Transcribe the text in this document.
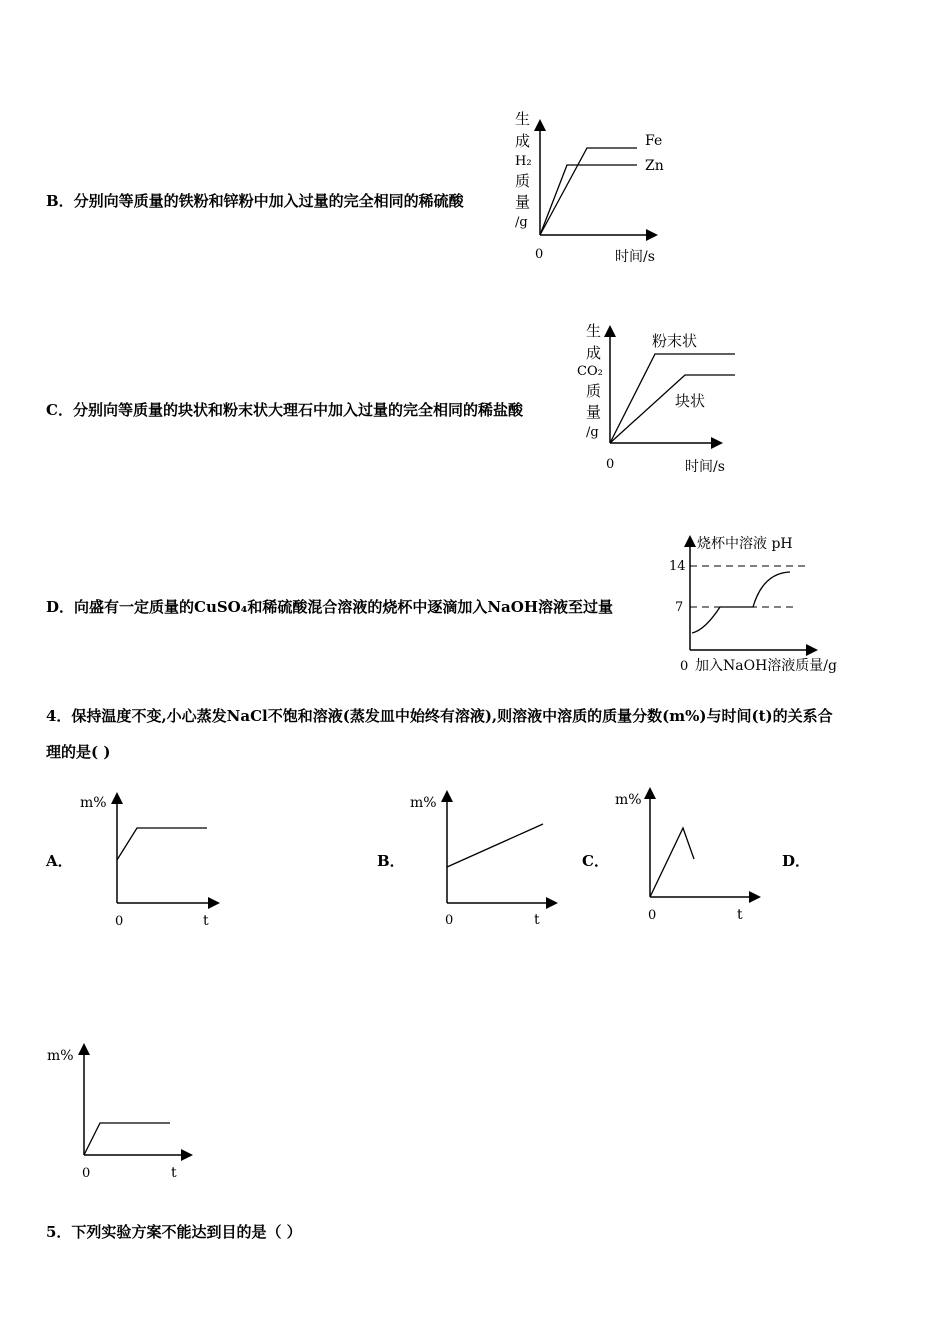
B．分别向等质量的铁粉和锌粉中加入过量的完全相同的稀硫酸
生
成
H₂
质
量
/g
0	时间/s
Fe
Zn
C．分别向等质量的块状和粉末状大理石中加入过量的完全相同的稀盐酸
生
成
CO₂
质
量
/g
0	时间/s
粉末状
块状
D．向盛有一定质量的CuSO₄和稀硫酸混合溶液的烧杯中逐滴加入NaOH溶液至过量
烧杯中溶液 pH
14
7
0 加入NaOH溶液质量/g
4．保持温度不变,小心蒸发NaCl不饱和溶液(蒸发皿中始终有溶液),则溶液中溶质的质量分数(m%)与时间(t)的关系合
理的是( )
A．
m%
0	t
B．
m%
0	t
C．
m%
0	t
D．
m%
0	t
5．下列实验方案不能达到目的是（ ）
